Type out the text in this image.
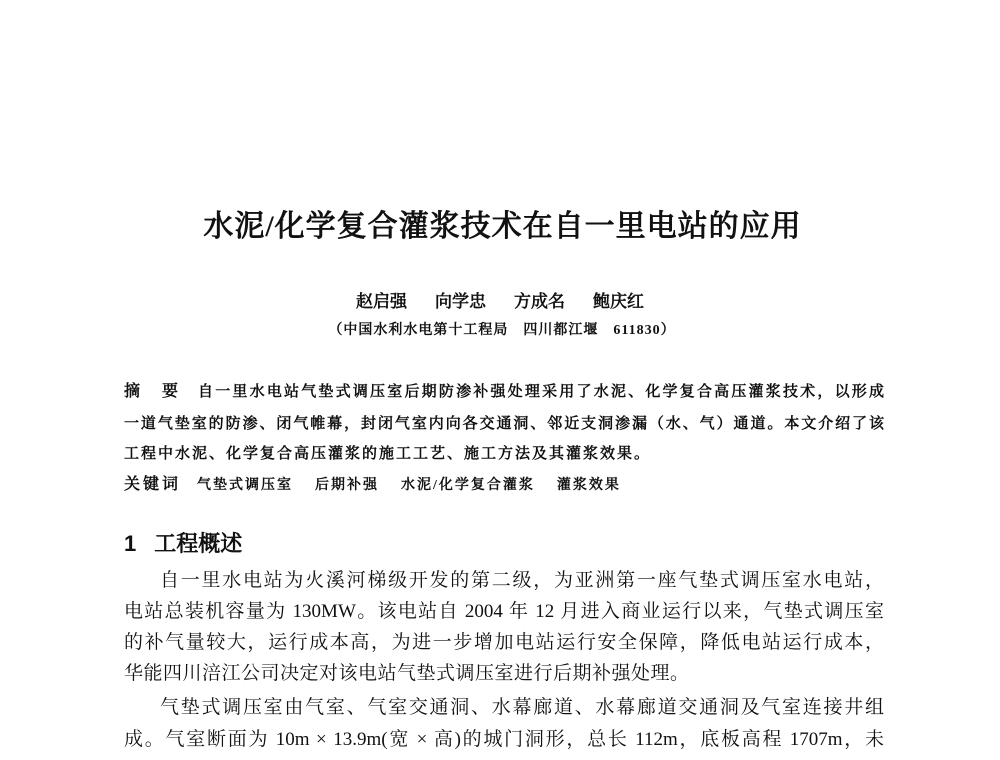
水泥/化学复合灌浆技术在自一里电站的应用
赵启强 向学忠 方成名 鲍庆红
（中国水利水电第十工程局　四川都江堰　611830）
摘　要 自一里水电站气垫式调压室后期防渗补强处理采用了水泥、化学复合高压灌浆技术，以形成
一道气垫室的防渗、闭气帷幕，封闭气室内向各交通洞、邻近支洞渗漏（水、气）通道。本文介绍了该
工程中水泥、化学复合高压灌浆的施工工艺、施工方法及其灌浆效果。
关键词 气垫式调压室 后期补强 水泥/化学复合灌浆 灌浆效果
1 工程概述
自一里水电站为火溪河梯级开发的第二级，为亚洲第一座气垫式调压室水电站，
电站总装机容量为 130MW。该电站自 2004 年 12 月进入商业运行以来，气垫式调压室
的补气量较大，运行成本高，为进一步增加电站运行安全保障，降低电站运行成本，
华能四川涪江公司决定对该电站气垫式调压室进行后期补强处理。
气垫式调压室由气室、气室交通洞、水幕廊道、水幕廊道交通洞及气室连接井组
成。气室断面为 10m × 13.9m(宽 × 高)的城门洞形，总长 112m，底板高程 1707m，未
